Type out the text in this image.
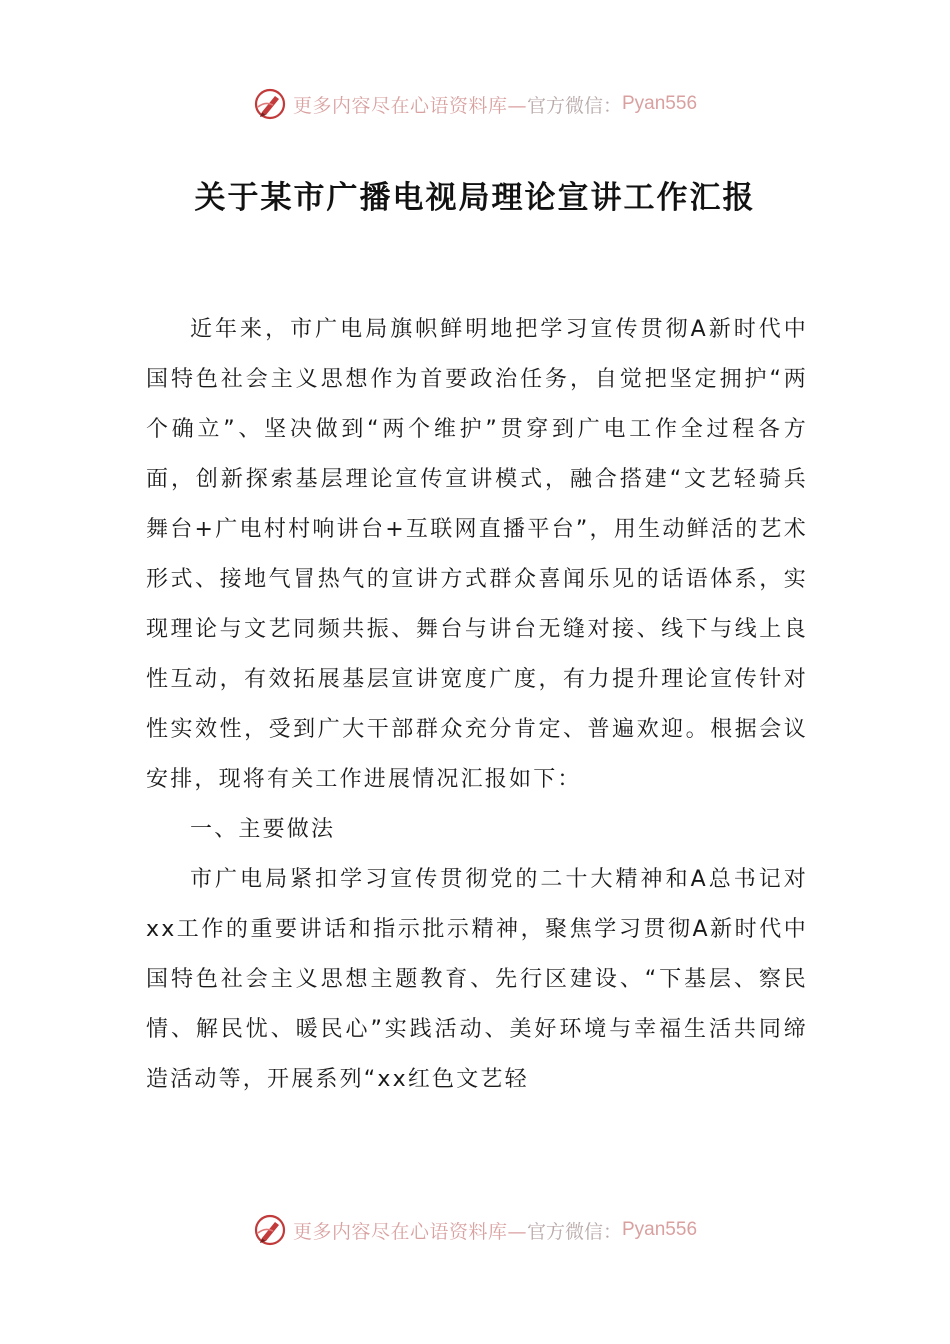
更多内容尽在心语资料库— 官方微信： Pyan556
关于某市广播电视局理论宣讲工作汇报

近年来，市广电局旗帜鲜明地把学习宣传贯彻A新时代中国特色社会主义思想作为首要政治任务，自觉把坚定拥护“两个确立”、坚决做到“两个维护”贯穿到广电工作全过程各方面，创新探索基层理论宣传宣讲模式，融合搭建“文艺轻骑兵舞台+广电村村响讲台+互联网直播平台”，用生动鲜活的艺术形式、接地气冒热气的宣讲方式群众喜闻乐见的话语体系，实现理论与文艺同频共振、舞台与讲台无缝对接、线下与线上良性互动，有效拓展基层宣讲宽度广度，有力提升理论宣传针对性实效性，受到广大干部群众充分肯定、普遍欢迎。根据会议安排，现将有关工作进展情况汇报如下：

一、主要做法

市广电局紧扣学习宣传贯彻党的二十大精神和A总书记对xx工作的重要讲话和指示批示精神，聚焦学习贯彻A新时代中国特色社会主义思想主题教育、先行区建设、“下基层、察民情、解民忧、暖民心”实践活动、美好环境与幸福生活共同缔造活动等，开展系列“xx红色文艺轻

更多内容尽在心语资料库— 官方微信： Pyan556
